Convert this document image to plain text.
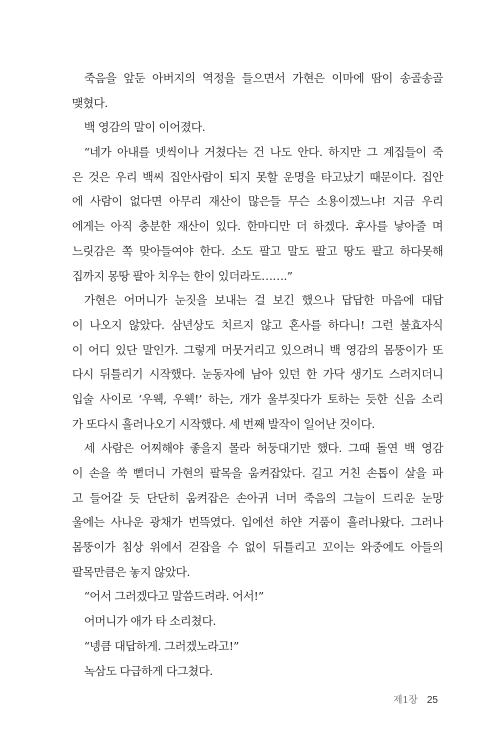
죽음을 앞둔 아버지의 역정을 들으면서 가현은 이마에 땀이 송골송골
맺혔다.
백 영감의 말이 이어졌다.
“네가 아내를 넷씩이나 거쳤다는 건 나도 안다. 하지만 그 계집들이 죽
은 것은 우리 백씨 집안사람이 되지 못할 운명을 타고났기 때문이다. 집안
에 사람이 없다면 아무리 재산이 많은들 무슨 소용이겠느냐! 지금 우리
에게는 아직 충분한 재산이 있다. 한마디만 더 하겠다. 후사를 낳아줄 며
느릿감은 쪽 맞아들여야 한다. 소도 팔고 말도 팔고 땅도 팔고 하다못해
집까지 몽땅 팔아 치우는 한이 있더라도…….”
가현은 어머니가 눈짓을 보내는 걸 보긴 했으나 답답한 마음에 대답
이 나오지 않았다. 삼년상도 치르지 않고 혼사를 하다니! 그런 불효자식
이 어디 있단 말인가. 그렇게 머뭇거리고 있으려니 백 영감의 몸뚱이가 또
다시 뒤틀리기 시작했다. 눈동자에 남아 있던 한 가닥 생기도 스러지더니
입술 사이로 ‘우웩, 우웩!’ 하는, 개가 울부짖다가 토하는 듯한 신음 소리
가 또다시 흘러나오기 시작했다. 세 번째 발작이 일어난 것이다.
세 사람은 어찌해야 좋을지 몰라 허둥대기만 했다. 그때 돌연 백 영감
이 손을 쑥 뻗더니 가현의 팔목을 움켜잡았다. 길고 거친 손톱이 살을 파
고 들어갈 듯 단단히 움켜잡은 손아귀 너머 죽음의 그늘이 드리운 눈망
울에는 사나운 광채가 번뜩였다. 입에선 하얀 거품이 흘러나왔다. 그러나
몸뚱이가 침상 위에서 걷잡을 수 없이 뒤틀리고 꼬이는 와중에도 아들의
팔목만큼은 놓지 않았다.
“어서 그러겠다고 말씀드려라. 어서!”
어머니가 애가 타 소리쳤다.
“넹큼 대답하게. 그러겠노라고!”
녹삼도 다급하게 다그쳤다.
제1장 25
